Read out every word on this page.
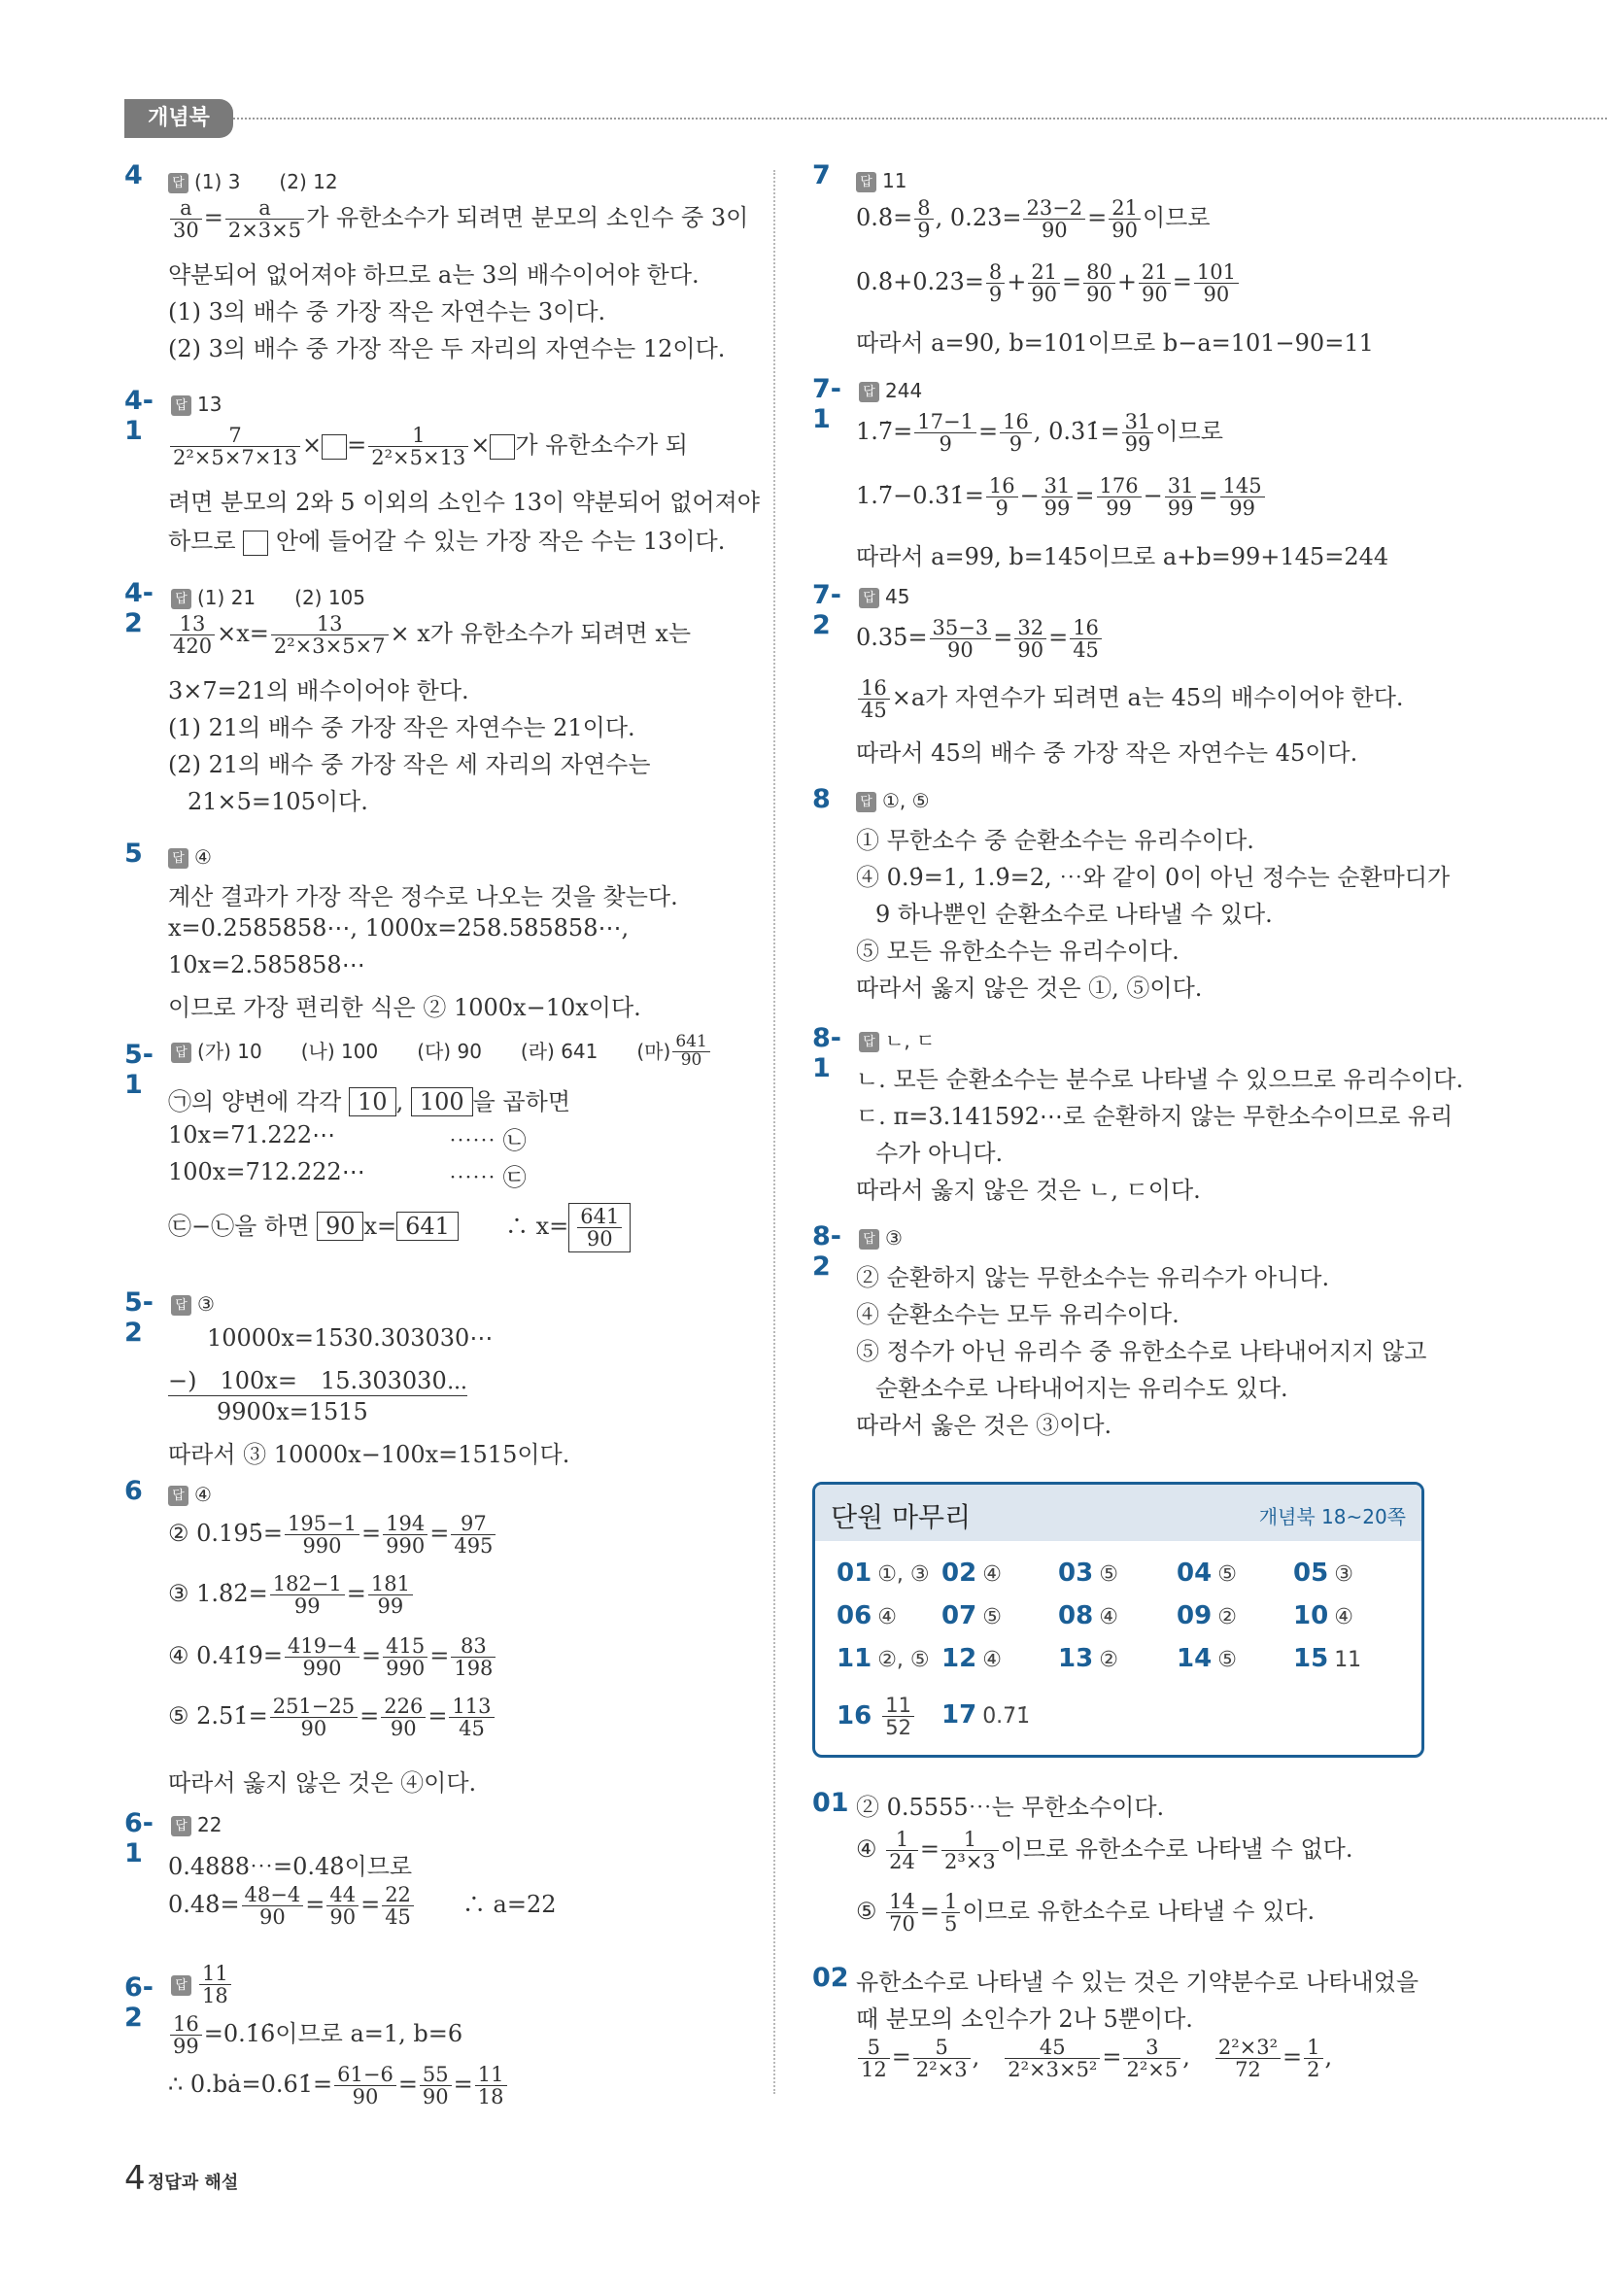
개념북
4	답 (1) 3　　(2) 12
$\frac{a}{30} = \frac{a}{2\times 3\times 5}$ 가 유한소수가 되려면 분모의 소인수 중 3이
약분되어 없어져야 하므로 a는 3의 배수이어야 한다.
(1) 3의 배수 중 가장 작은 자연수는 3이다.
(2) 3의 배수 중 가장 작은 두 자리의 자연수는 12이다.
4-1
답 13
$\frac{7}{\text{2²×5×7×13}}$ × = $\frac{1}{\text{2²×5×13}}$ × 가 유한소수가 되
려면 분모의 2와 5 이외의 소인수 13이 약분되어 없어져야
하므로 안에 들어갈 수 있는 가장 작은 수는 13이다.
4-2
답 (1) 21　　(2) 105
$\frac{13}{420} \times x= \frac{13}{\text{2²×3×5×7}} \times x$가 유한소수가 되려면 x는
3×7=21의 배수이어야 한다.
(1) 21의 배수 중 가장 작은 자연수는 21이다.
(2) 21의 배수 중 가장 작은 세 자리의 자연수는
21×5=105이다.
5	답 ④
계산 결과가 가장 작은 정수로 나오는 것을 찾는다.
x=0.2585858⋯, 1000x=258.585858⋯,
10x=2.585858⋯
이므로 가장 편리한 식은 ② 1000x−10x이다.
5-1
답 (가) 10　　(나) 100　　(다) 90　　(라) 641　　(마) $\frac{641}{90}$
㉠의 양변에 각각 10 , 100 을 곱하면
10x=71.222⋯	⋯⋯ ㉡
100x=712.222⋯	⋯⋯ ㉢
㉢−㉡을 하면 90 x= 641　　 ∴ $x= \frac{641}{90}$
5-2
답 ③
10000x=1530.303030⋯
−)　100x=　15.303030⋯
9900x=1515
따라서 ③ 10000x−100x=1515이다.
6	답 ④
② 0.195̇= $\frac{195-1}{990} = \frac{194}{990} = \frac{97}{495}$
③ 1.8̇2̇= $\frac{182-1}{99} = \frac{181}{99}$
④ 0.41̇9̇= $\frac{419-4}{990} = \frac{415}{990} = \frac{83}{198}$
⑤ 2.51̇= $\frac{251-25}{90} = \frac{226}{90} = \frac{113}{45}$
따라서 옳지 않은 것은 ④이다.
6-1
답 22
0.4888⋯=0.48̇이므로
0.48̇= $\frac{48-4}{90} = \frac{44}{90} = \frac{22}{45}$
　　 ∴ a=22
6-2
답 $\frac{11}{18}$
$\frac{16}{99}$ =0.1̇6̇이므로 a=1, b=6
∴ 0.bȧ=0.61̇= $\frac{61-6}{90} = \frac{55}{90} = \frac{11}{18}$
7	답 11
0.8̇= $\frac{8}{9}$ , 0.23̇= $\frac{23-2}{90} = \frac{21}{90}$ 이므로
0.8̇+0.23̇= $\frac{8}{9} + \frac{21}{90} = \frac{80}{90} + \frac{21}{90} = \frac{101}{90}$
따라서 a=90, b=101이므로 b−a=101−90=11
7-1
답 244
1.7̇= $\frac{17-1}{9} = \frac{16}{9}$ , 0.3̇1̇= $\frac{31}{99}$ 이므로
1.7̇−0.3̇1̇= $\frac{16}{9} - \frac{31}{99} = \frac{176}{99} - \frac{31}{99} = \frac{145}{99}$
따라서 a=99, b=145이므로 a+b=99+145=244
7-2
답 45
0.35̇= $\frac{35-3}{90} = \frac{32}{90} = \frac{16}{45}$
$\frac{16}{45} \times a$가 자연수가 되려면 a는 45의 배수이어야 한다.
따라서 45의 배수 중 가장 작은 자연수는 45이다.
8	답 ①, ⑤
① 무한소수 중 순환소수는 유리수이다.
④ 0.9̇=1, 1.9̇=2, ⋯와 같이 0이 아닌 정수는 순환마디가
9 하나뿐인 순환소수로 나타낼 수 있다.
⑤ 모든 유한소수는 유리수이다.
따라서 옳지 않은 것은 ①, ⑤이다.
8-1
답 ㄴ, ㄷ
ㄴ. 모든 순환소수는 분수로 나타낼 수 있으므로 유리수이다.
ㄷ. π=3.141592⋯로 순환하지 않는 무한소수이므로 유리
수가 아니다.
따라서 옳지 않은 것은 ㄴ, ㄷ이다.
8-2
답 ③
② 순환하지 않는 무한소수는 유리수가 아니다.
④ 순환소수는 모두 유리수이다.
⑤ 정수가 아닌 유리수 중 유한소수로 나타내어지지 않고
순환소수로 나타내어지는 유리수도 있다.
따라서 옳은 것은 ③이다.
단원 마무리	개념북 18~20쪽
01 ①, ③ 02 ④ 03 ⑤ 04 ⑤ 05 ③
06 ④ 07 ⑤ 08 ④ 09 ② 10 ④
11 ②, ⑤ 12 ④ 13 ② 14 ⑤ 15 11
$16 \frac{11}{52} 17$ 0.7̇1̇
01 ② 0.5555⋯는 무한소수이다.
④ $\frac{1}{24} = \frac{1}{\text{2³×3}}$ 이므로 유한소수로 나타낼 수 없다.
⑤ $\frac{14}{70} = \frac{1}{5}$ 이므로 유한소수로 나타낼 수 있다.
02 유한소수로 나타낼 수 있는 것은 기약분수로 나타내었을
때 분모의 소인수가 2나 5뿐이다.
$\frac{5}{12} = \frac{5}{\text{2²×3}}$ ,　 $\frac{45}{\text{2²×3×5²}} = \frac{3}{\text{2²×5}}$ ,　 $\frac{\text{2²×3²}}{72} = \frac{1}{2}$ ,
4 정답과 해설
